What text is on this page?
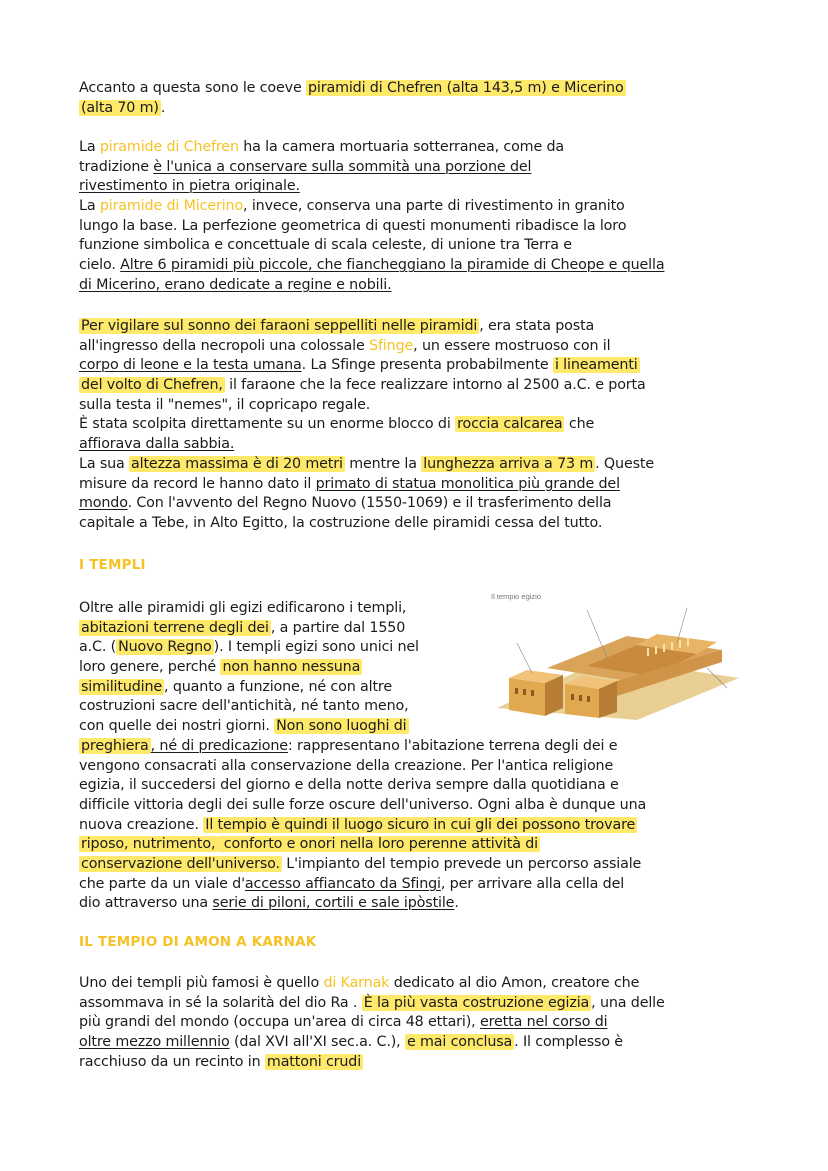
Accanto a questa sono le coeve piramidi di Chefren (alta 143,5 m) e Micerino
(alta 70 m) .
La piramide di Chefren ha la camera mortuaria sotterranea, come da
tradizione è l'unica a conservare sulla sommità una porzione del
rivestimento in pietra originale.
La piramide di Micerino, invece, conserva una parte di rivestimento in granito
lungo la base. La perfezione geometrica di questi monumenti ribadisce la loro
funzione simbolica e concettuale di scala celeste, di unione tra Terra e
cielo. Altre 6 piramidi più piccole, che fiancheggiano la piramide di Cheope e quella
di Micerino, erano dedicate a regine e nobili.
Per vigilare sul sonno dei faraoni seppelliti nelle piramidi , era stata posta
all'ingresso della necropoli una colossale Sfinge, un essere mostruoso con il
corpo di leone e la testa umana. La Sfinge presenta probabilmente i lineamenti
del volto di Chefren, il faraone che la fece realizzare intorno al 2500 a.C. e porta
sulla testa il "nemes", il copricapo regale.
È stata scolpita direttamente su un enorme blocco di roccia calcarea che
affiorava dalla sabbia.
La sua altezza massima è di 20 metri mentre la lunghezza arriva a 73 m . Queste
misure da record le hanno dato il primato di statua monolitica più grande del
mondo. Con l'avvento del Regno Nuovo (1550-1069) e il trasferimento della
capitale a Tebe, in Alto Egitto, la costruzione delle piramidi cessa del tutto.
I TEMPLI
Il tempio egizio
Oltre alle piramidi gli egizi edificarono i templi,
abitazioni terrene degli dei , a partire dal 1550
a.C. ( Nuovo Regno ). I templi egizi sono unici nel
loro genere, perché non hanno nessuna
similitudine , quanto a funzione, né con altre
costruzioni sacre dell'antichità, né tanto meno,
con quelle dei nostri giorni. Non sono luoghi di
preghiera , né di predicazione: rappresentano l'abitazione terrena degli dei e
vengono consacrati alla conservazione della creazione. Per l'antica religione
egizia, il succedersi del giorno e della notte deriva sempre dalla quotidiana e
difficile vittoria degli dei sulle forze oscure dell'universo. Ogni alba è dunque una
nuova creazione. Il tempio è quindi il luogo sicuro in cui gli dei possono trovare
riposo, nutrimento, conforto e onori nella loro perenne attività di
conservazione dell'universo. L'impianto del tempio prevede un percorso assiale
che parte da un viale d'accesso affiancato da Sfingi, per arrivare alla cella del
dio attraverso una serie di piloni, cortili e sale ipòstile.
IL TEMPIO DI AMON A KARNAK
Uno dei templi più famosi è quello di Karnak dedicato al dio Amon, creatore che
assommava in sé la solarità del dio Ra . È la più vasta costruzione egizia , una delle
più grandi del mondo (occupa un'area di circa 48 ettari), eretta nel corso di
oltre mezzo millennio (dal XVI all'XI sec.a. C.), e mai conclusa . Il complesso è
racchiuso da un recinto in mattoni crudi
